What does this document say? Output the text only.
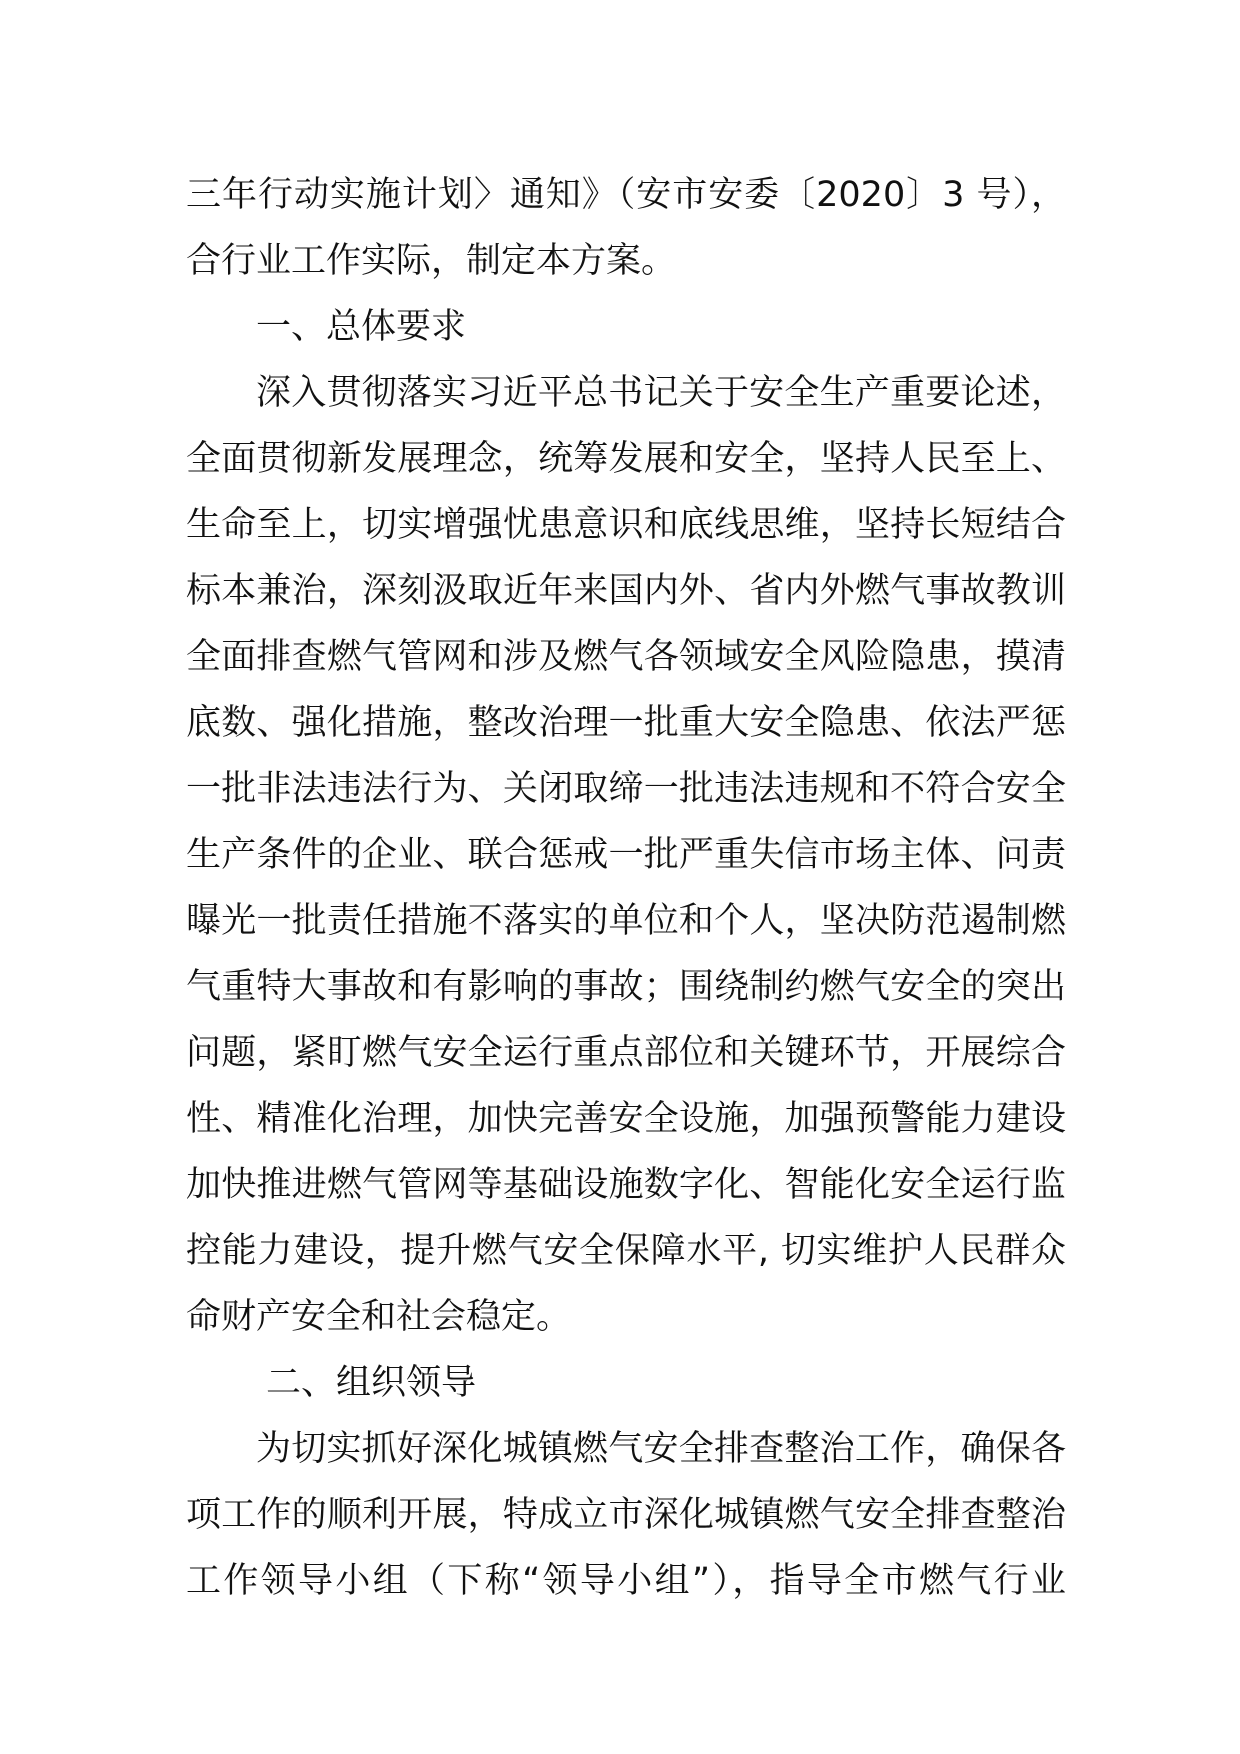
三年行动实施计划〉通知》（安市安委〔2020〕3 号），
合行业工作实际，制定本方案。
一、总体要求
深入贯彻落实习近平总书记关于安全生产重要论述，
全面贯彻新发展理念，统筹发展和安全，坚持人民至上、
生命至上，切实增强忧患意识和底线思维，坚持长短结合
标本兼治，深刻汲取近年来国内外、省内外燃气事故教训
全面排查燃气管网和涉及燃气各领域安全风险隐患，摸清
底数、强化措施，整改治理一批重大安全隐患、依法严惩
一批非法违法行为、关闭取缔一批违法违规和不符合安全
生产条件的企业、联合惩戒一批严重失信市场主体、问责
曝光一批责任措施不落实的单位和个人，坚决防范遏制燃
气重特大事故和有影响的事故；围绕制约燃气安全的突出
问题，紧盯燃气安全运行重点部位和关键环节，开展综合
性、精准化治理，加快完善安全设施，加强预警能力建设
加快推进燃气管网等基础设施数字化、智能化安全运行监
控能力建设，提升燃气安全保障水平, 切实维护人民群众
命财产安全和社会稳定。
二、组织领导
为切实抓好深化城镇燃气安全排查整治工作，确保各
项工作的顺利开展，特成立市深化城镇燃气安全排查整治
工作领导小组（下称“领导小组”），指导全市燃气行业
